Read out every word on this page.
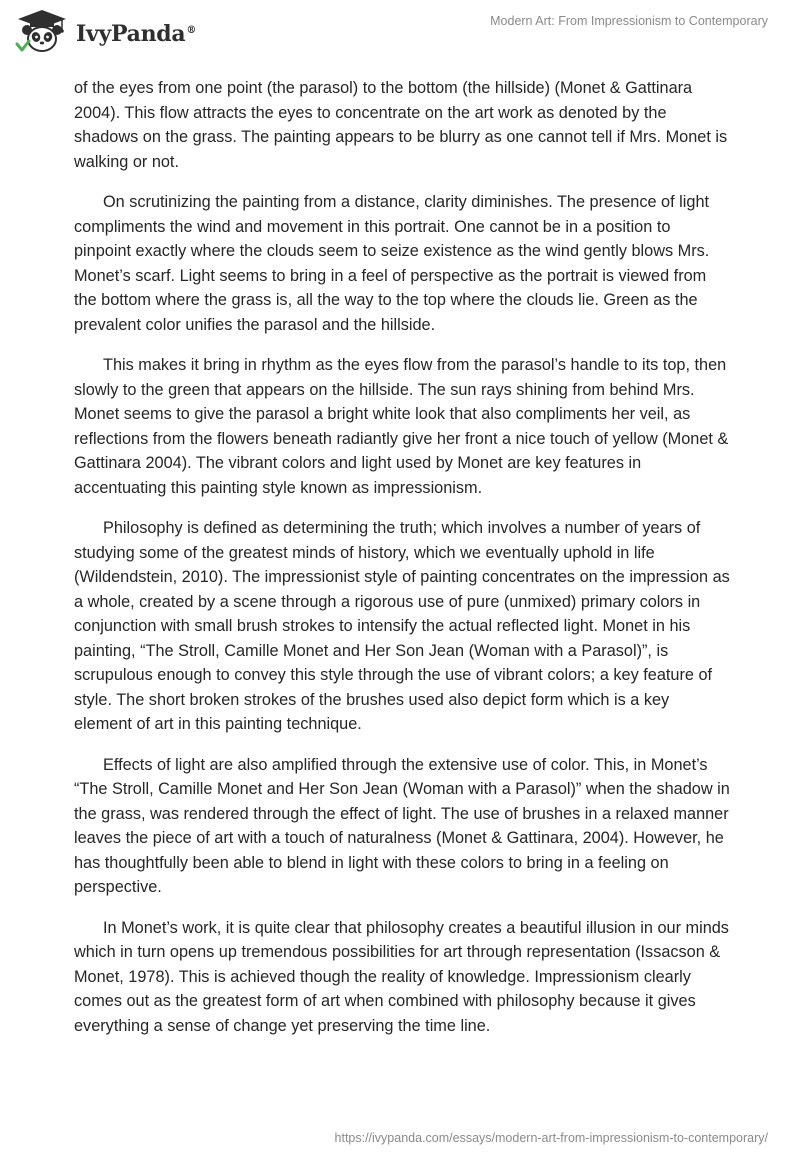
IvyPanda®
Modern Art: From Impressionism to Contemporary

of the eyes from one point (the parasol) to the bottom (the hillside) (Monet & Gattinara 2004). This flow attracts the eyes to concentrate on the art work as denoted by the shadows on the grass. The painting appears to be blurry as one cannot tell if Mrs. Monet is walking or not.

On scrutinizing the painting from a distance, clarity diminishes. The presence of light compliments the wind and movement in this portrait. One cannot be in a position to pinpoint exactly where the clouds seem to seize existence as the wind gently blows Mrs. Monet’s scarf. Light seems to bring in a feel of perspective as the portrait is viewed from the bottom where the grass is, all the way to the top where the clouds lie. Green as the prevalent color unifies the parasol and the hillside.

This makes it bring in rhythm as the eyes flow from the parasol’s handle to its top, then slowly to the green that appears on the hillside. The sun rays shining from behind Mrs. Monet seems to give the parasol a bright white look that also compliments her veil, as reflections from the flowers beneath radiantly give her front a nice touch of yellow (Monet & Gattinara 2004). The vibrant colors and light used by Monet are key features in accentuating this painting style known as impressionism.

Philosophy is defined as determining the truth; which involves a number of years of studying some of the greatest minds of history, which we eventually uphold in life (Wildendstein, 2010). The impressionist style of painting concentrates on the impression as a whole, created by a scene through a rigorous use of pure (unmixed) primary colors in conjunction with small brush strokes to intensify the actual reflected light. Monet in his painting, “The Stroll, Camille Monet and Her Son Jean (Woman with a Parasol)”, is scrupulous enough to convey this style through the use of vibrant colors; a key feature of style. The short broken strokes of the brushes used also depict form which is a key element of art in this painting technique.

Effects of light are also amplified through the extensive use of color. This, in Monet’s “The Stroll, Camille Monet and Her Son Jean (Woman with a Parasol)” when the shadow in the grass, was rendered through the effect of light. The use of brushes in a relaxed manner leaves the piece of art with a touch of naturalness (Monet & Gattinara, 2004). However, he has thoughtfully been able to blend in light with these colors to bring in a feeling on perspective.

In Monet’s work, it is quite clear that philosophy creates a beautiful illusion in our minds which in turn opens up tremendous possibilities for art through representation (Issacson & Monet, 1978). This is achieved though the reality of knowledge. Impressionism clearly comes out as the greatest form of art when combined with philosophy because it gives everything a sense of change yet preserving the time line.

https://ivypanda.com/essays/modern-art-from-impressionism-to-contemporary/
